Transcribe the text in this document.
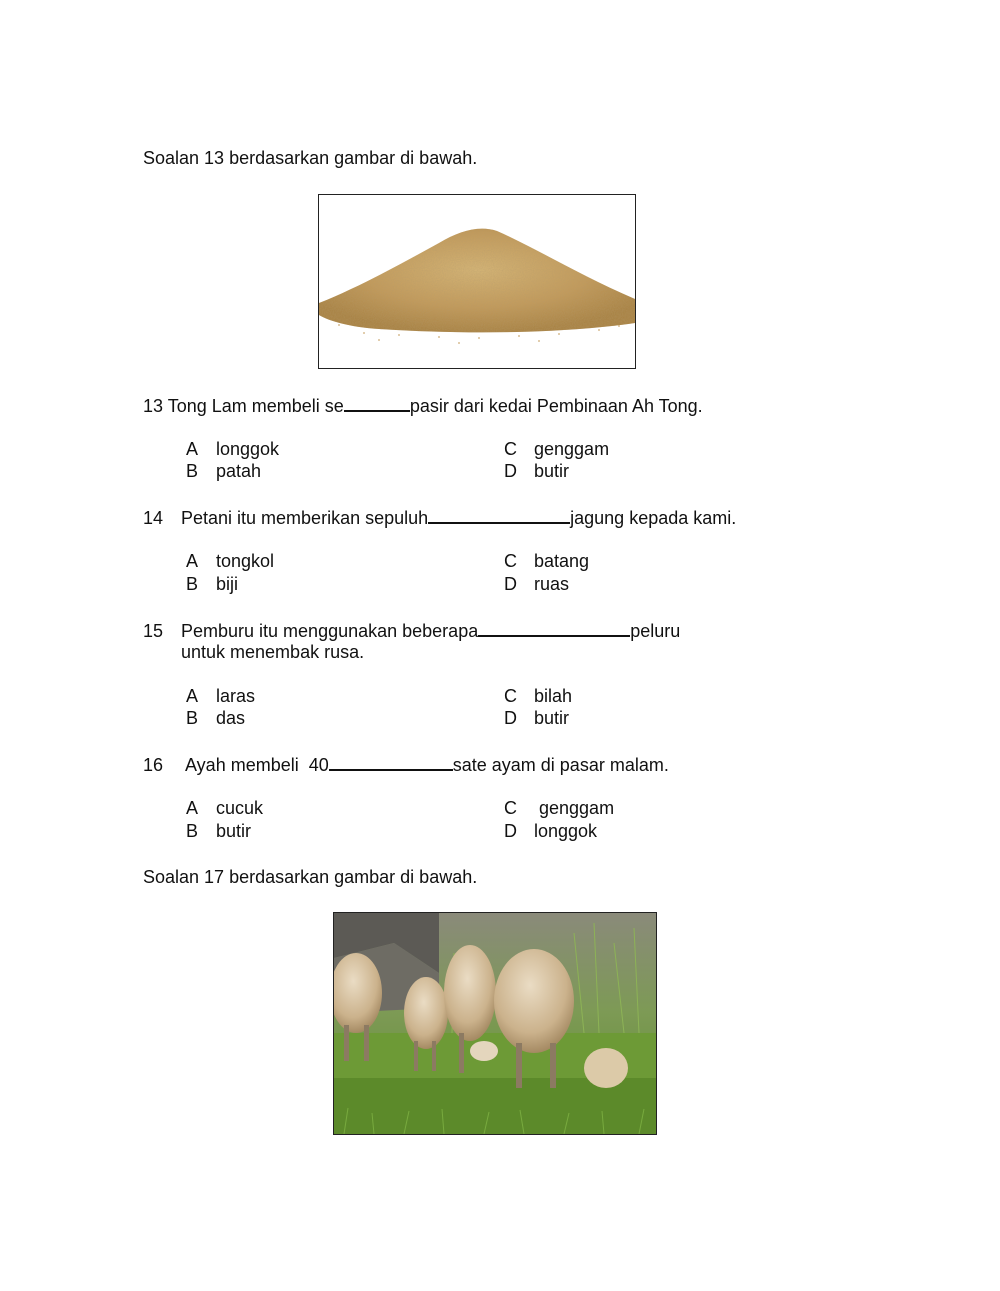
Soalan 13 berdasarkan gambar di bawah.
13 Tong Lam membeli se	pasir dari kedai Pembinaan Ah Tong.
A longgok
B patah
C genggam
D butir
14 Petani itu memberikan sepuluh	jagung kepada kami.
A tongkol
B biji
C batang
D ruas
15 Pemburu itu menggunakan beberapa	peluru
untuk menembak rusa.
A laras
B das
C bilah
D butir
16 Ayah membeli  40	sate ayam di pasar malam.
A cucuk
B butir
C genggam
D longgok
Soalan 17 berdasarkan gambar di bawah.
